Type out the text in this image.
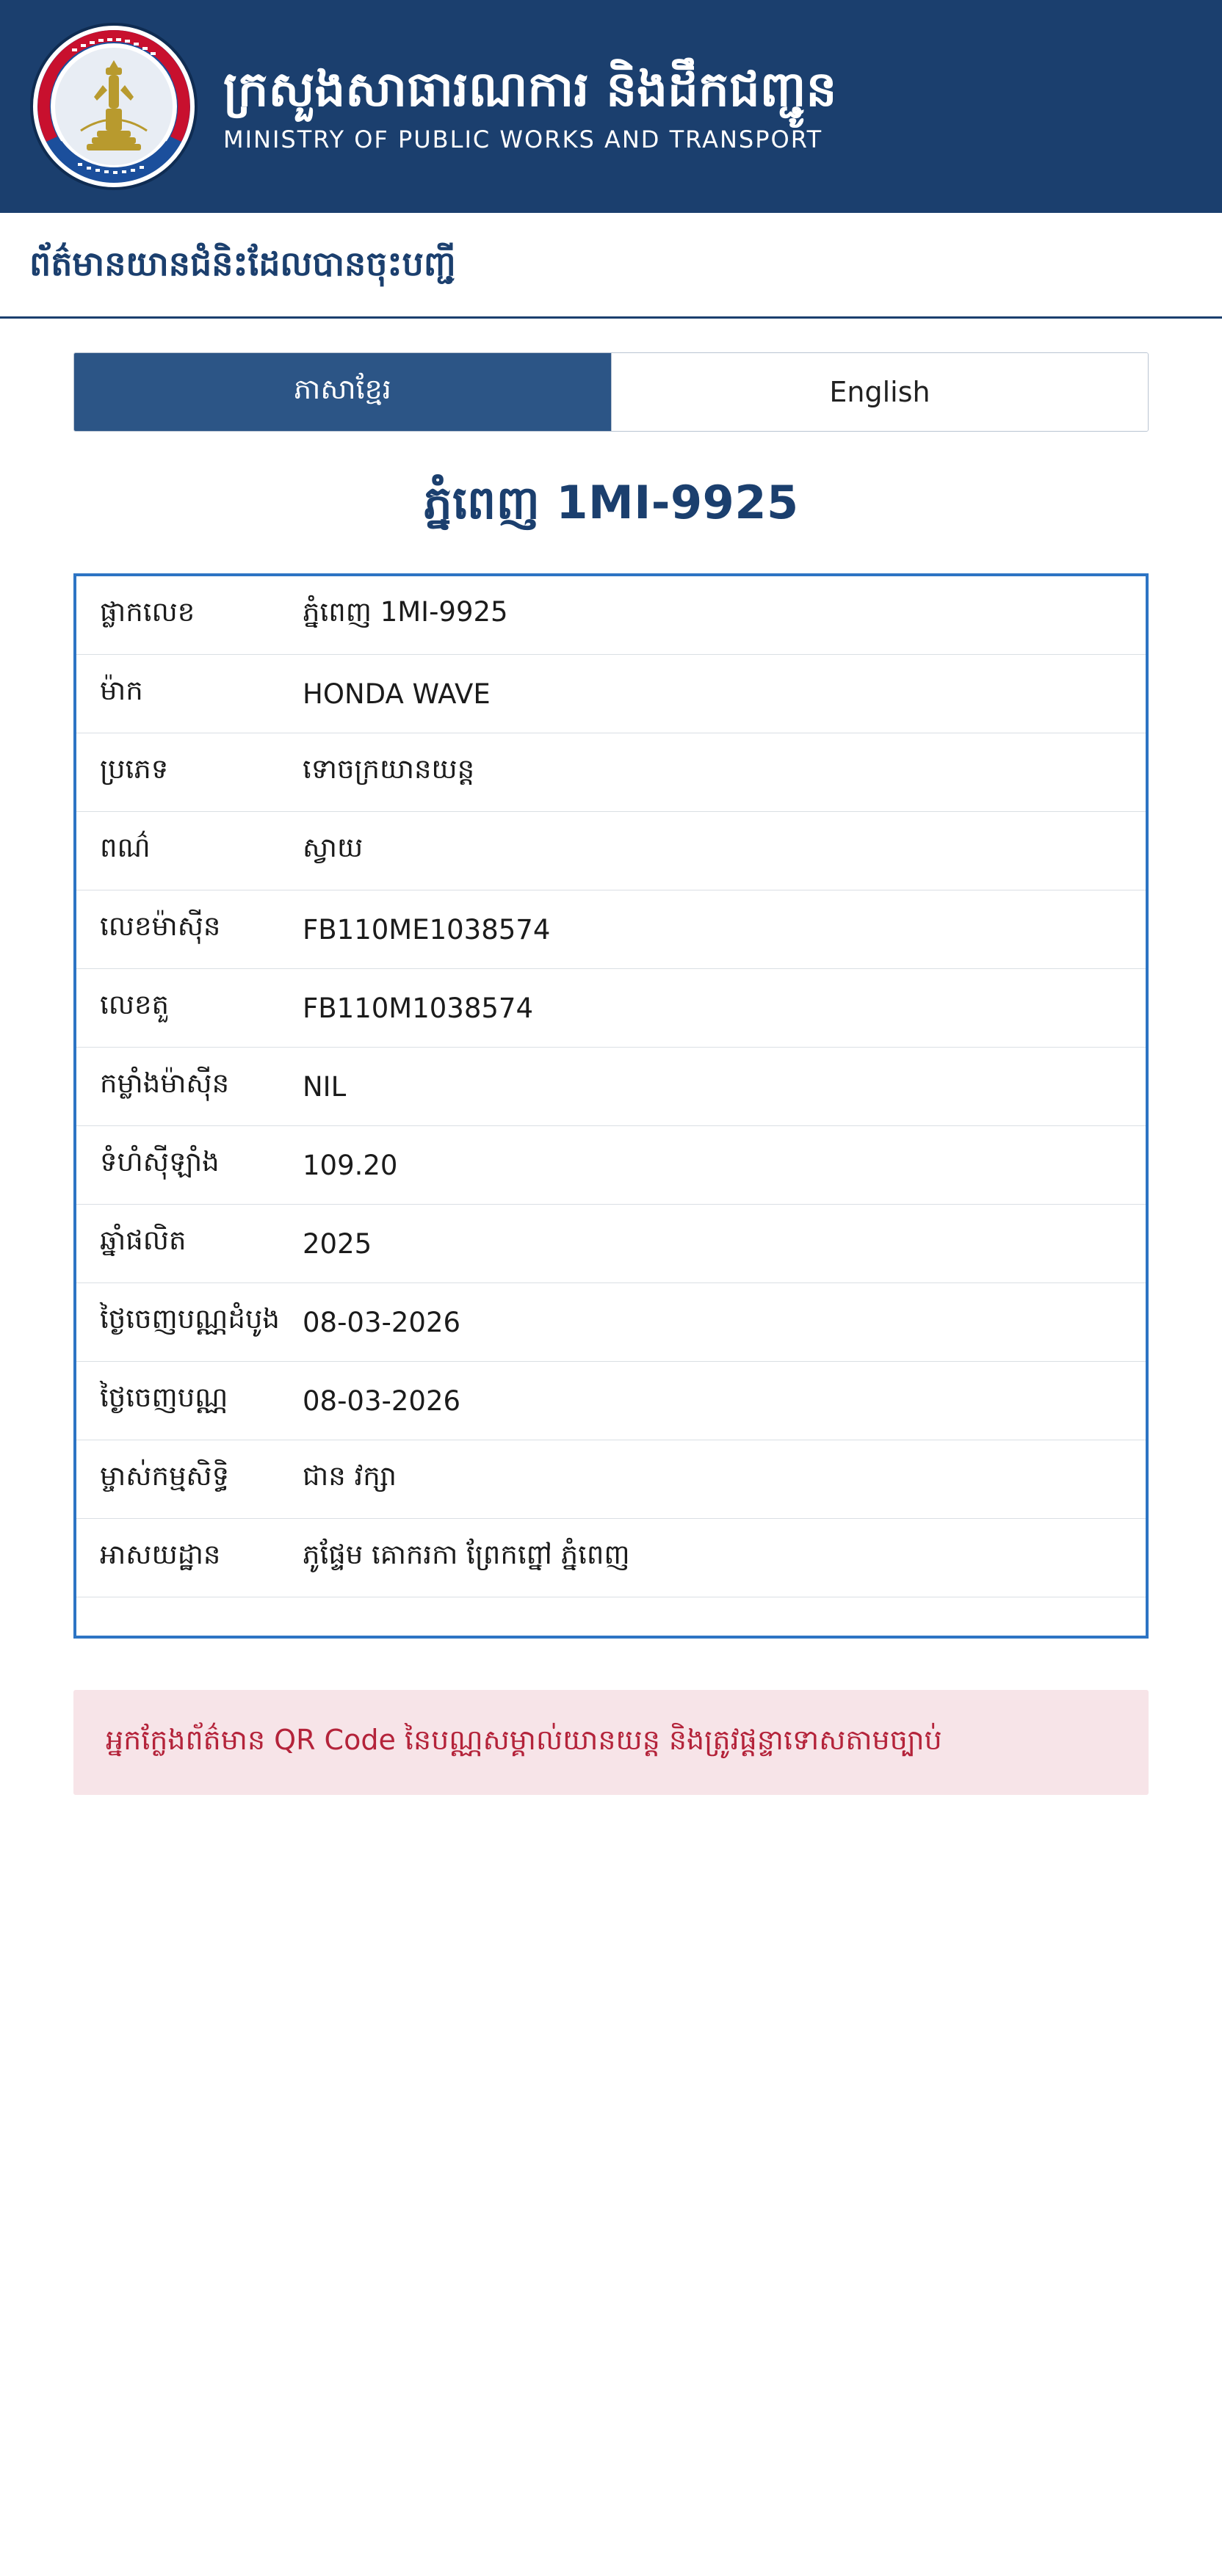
ក្រសួងសាធារណការ និងដឹកជញ្ជូន
MINISTRY OF PUBLIC WORKS AND TRANSPORT
ព័ត៌មានយានជំនិះដែលបានចុះបញ្ជី
ភាសាខ្មែរ	English
ភ្នំពេញ 1MI-9925
ផ្លាកលេខ	ភ្នំពេញ 1MI-9925
ម៉ាក	HONDA WAVE
ប្រភេទ	ទោចក្រយានយន្ត
ពណ៌	ស្វាយ
លេខម៉ាស៊ីន	FB110ME1038574
លេខតួ	FB110M1038574
កម្លាំងម៉ាស៊ីន	NIL
ទំហំស៊ីឡាំង	109.20
ឆ្នាំផលិត	2025
ថ្ងៃចេញបណ្ណដំបូង	08-03-2026
ថ្ងៃចេញបណ្ណ	08-03-2026
ម្ចាស់កម្មសិទ្ធិ	ជាន វក្សា
អាសយដ្ឋាន	ភូផ្ទែម គោករកា ព្រែកព្នៅ ភ្នំពេញ

អ្នកក្លែងព័ត៌មាន QR Code នៃបណ្ណសម្គាល់យានយន្ត និងត្រូវផ្តន្ទាទោសតាមច្បាប់
